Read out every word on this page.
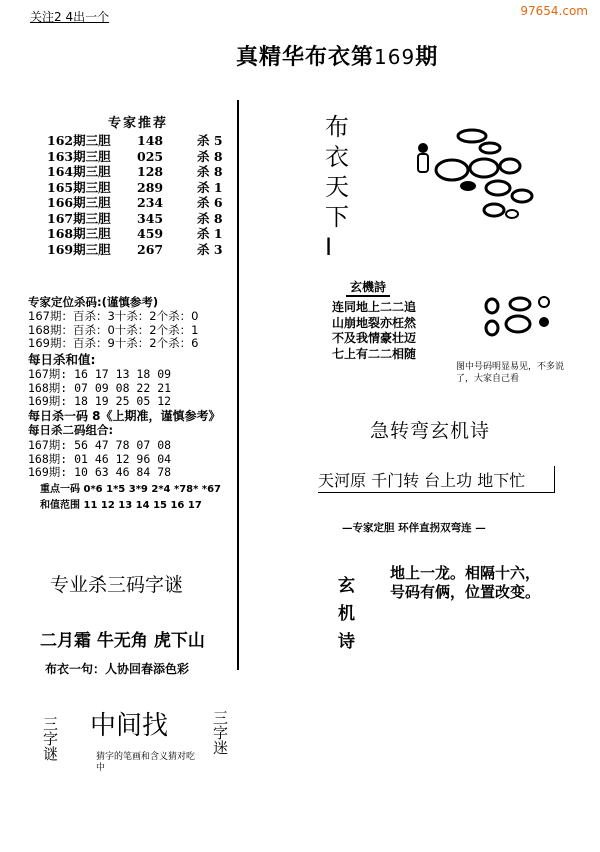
关注2 4出一个	97654.com
真精华布衣第169期
专家推荐
162期三胆	148	杀 5
163期三胆	025	杀 8
164期三胆	128	杀 8
165期三胆	289	杀 1
166期三胆	234	杀 6
167期三胆	345	杀 8
168期三胆	459	杀 1
169期三胆	267	杀 3
专家定位杀码:(谨慎参考)
167期：百杀：3十杀：2个杀：0
168期：百杀：0十杀：2个杀：1
169期：百杀：9十杀：2个杀：6
每日杀和值:
167期: 16 17 13 18 09
168期: 07 09 08 22 21
169期: 18 19 25 05 12
每日杀一码 8《上期准，谨慎参考》
每日杀二码组合:
167期: 56 47 78 07 08
168期: 01 46 12 96 04
169期: 10 63 46 84 78
重点一码 0*6 1*5 3*9 2*4 *78* *67
和值范围 11 12 13 14 15 16 17
专业杀三码字谜
二月霜 牛无角 虎下山
布衣一句：人协回春添色彩
三字谜 中间找
猜字的笔画和含义猜对吃中
三字迷
布衣天下I
玄機詩
连同地上二二追
山崩地裂亦枉然
不及我情豪壮迈
七上有二二相随
图中号码明显易见，不多说了，大家自己看
急转弯玄机诗
天河原 千门转 台上功 地下忙
—专家定胆 环伴直拐双弯连 —
玄机诗
地上一龙。相隔十六，
号码有俩，位置改变。
